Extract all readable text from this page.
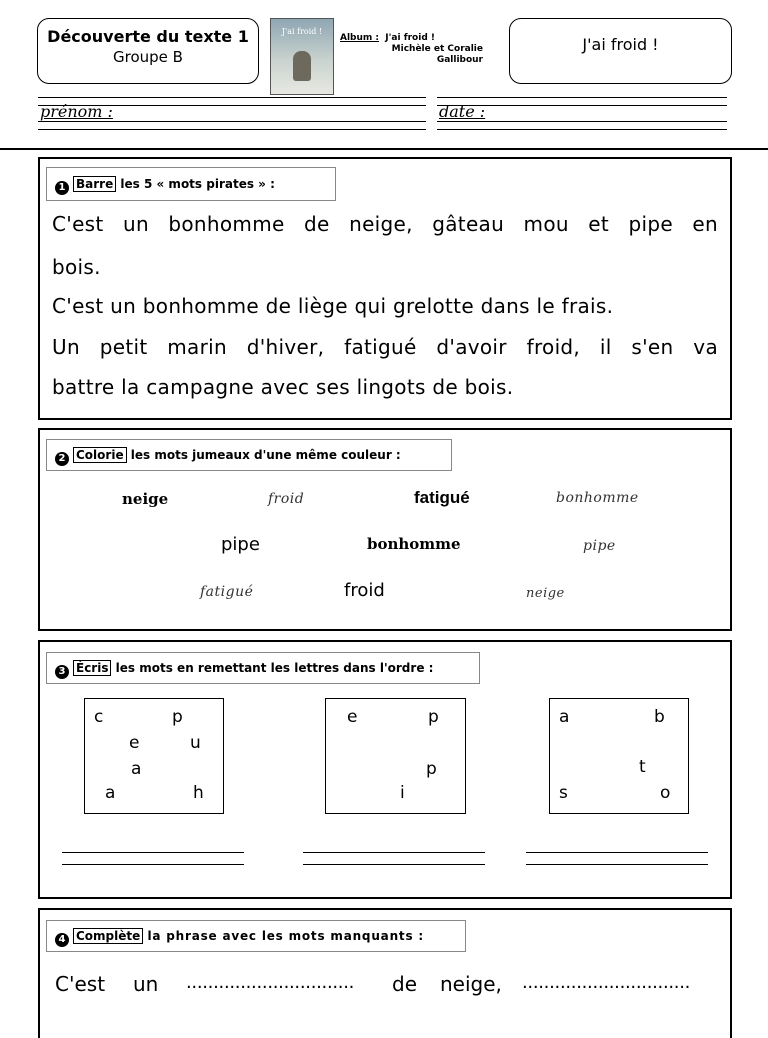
Découverte du texte 1
Groupe B
J'ai froid !
Album : J'ai froid !
Michèle et Coralie
Gallibour
J'ai froid !
prénom :	date :
1 Barre les 5 « mots pirates » :
C'est un bonhomme de neige, gâteau mou et pipe en
bois.
C'est un bonhomme de liège qui grelotte dans le frais.
Un petit marin d'hiver, fatigué d'avoir froid, il s'en va
battre la campagne avec ses lingots de bois.
2 Colorie les mots jumeaux d'une même couleur :
neige	froid	fatigué	bonhomme
pipe	bonhomme	pipe
fatigué	froid	neige
3 Écris les mots en remettant les lettres dans l'ordre :
c	p
e	u
a
a	h
e	p
p
i
a	b
t
s	o
4 Complète la phrase avec les mots manquants :
C'est un ............................... de neige, ...............................
